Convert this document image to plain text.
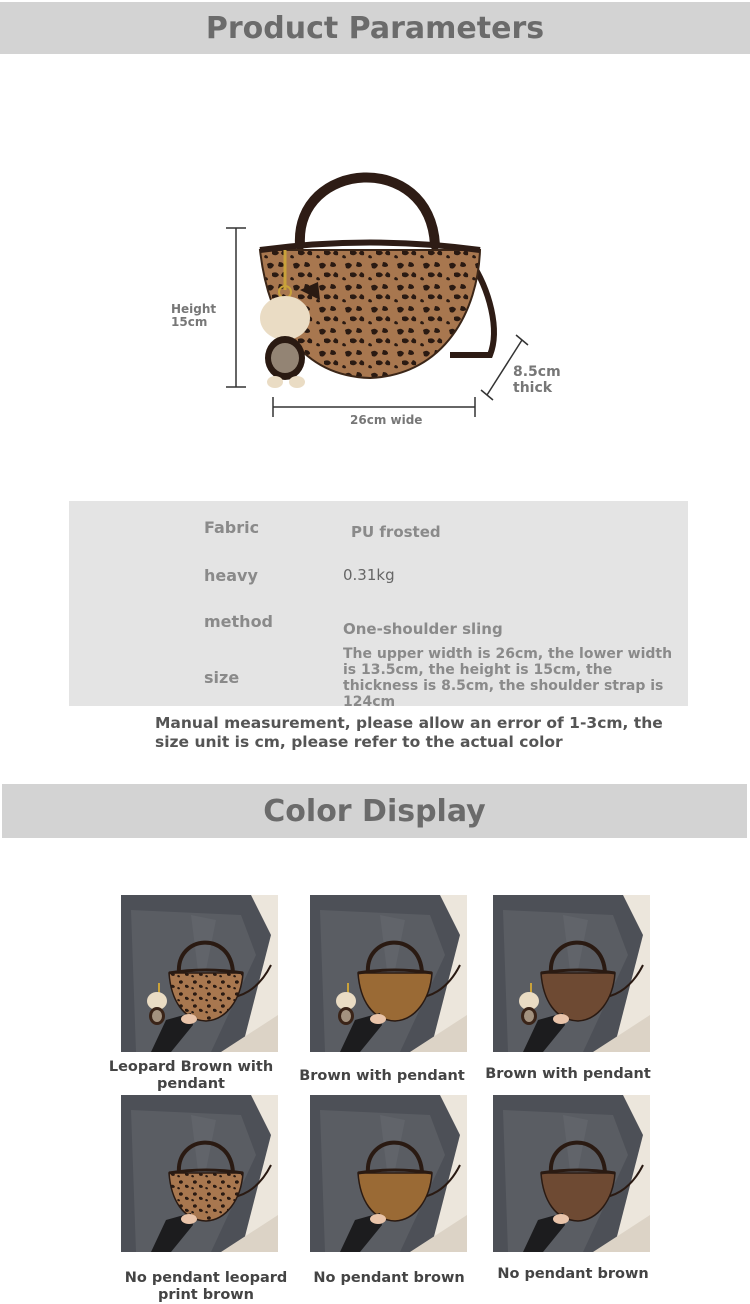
Product Parameters
Height
15cm
26cm wide
8.5cm
thick
Fabric	PU frosted
heavy	0.31kg
method	One-shoulder sling
size
The upper width is 26cm, the lower width is 13.5cm, the height is 15cm, the thickness is 8.5cm, the shoulder strap is 124cm
Manual measurement, please allow an error of 1-3cm, the size unit is cm, please refer to the actual color
Color Display
Leopard Brown with pendant	Brown with pendant	Brown with pendant
No pendant leopard print brown
No pendant brown	No pendant brown
